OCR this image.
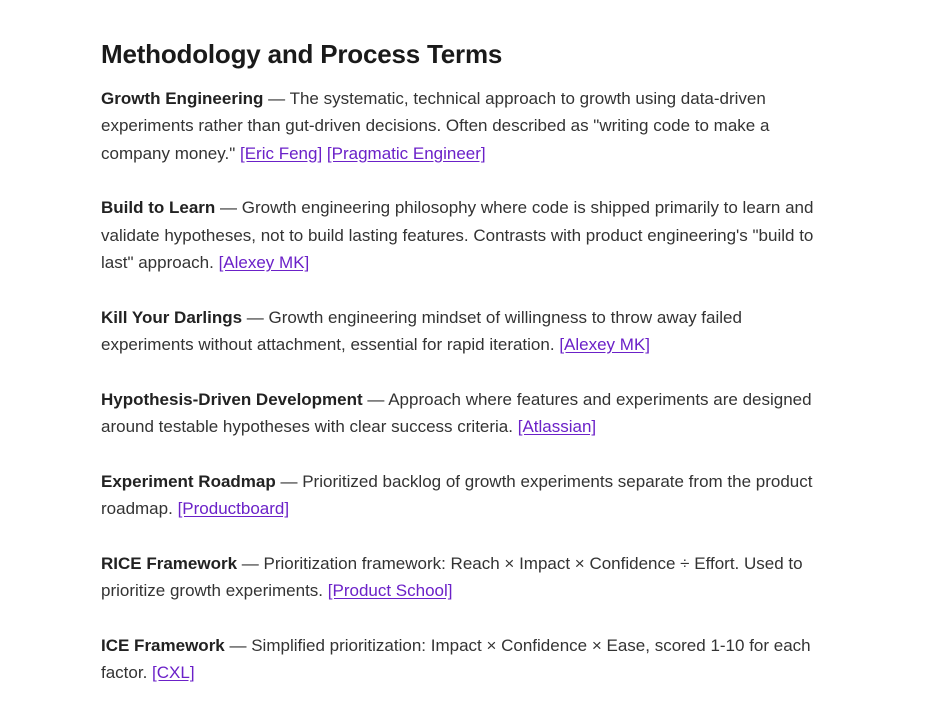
Methodology and Process Terms

Growth Engineering — The systematic, technical approach to growth using data-driven experiments rather than gut-driven decisions. Often described as "writing code to make a company money." [Eric Feng] [Pragmatic Engineer]

Build to Learn — Growth engineering philosophy where code is shipped primarily to learn and validate hypotheses, not to build lasting features. Contrasts with product engineering's "build to last" approach. [Alexey MK]

Kill Your Darlings — Growth engineering mindset of willingness to throw away failed experiments without attachment, essential for rapid iteration. [Alexey MK]

Hypothesis-Driven Development — Approach where features and experiments are designed around testable hypotheses with clear success criteria. [Atlassian]

Experiment Roadmap — Prioritized backlog of growth experiments separate from the product roadmap. [Productboard]

RICE Framework — Prioritization framework: Reach × Impact × Confidence ÷ Effort. Used to prioritize growth experiments. [Product School]

ICE Framework — Simplified prioritization: Impact × Confidence × Ease, scored 1-10 for each factor. [CXL]
